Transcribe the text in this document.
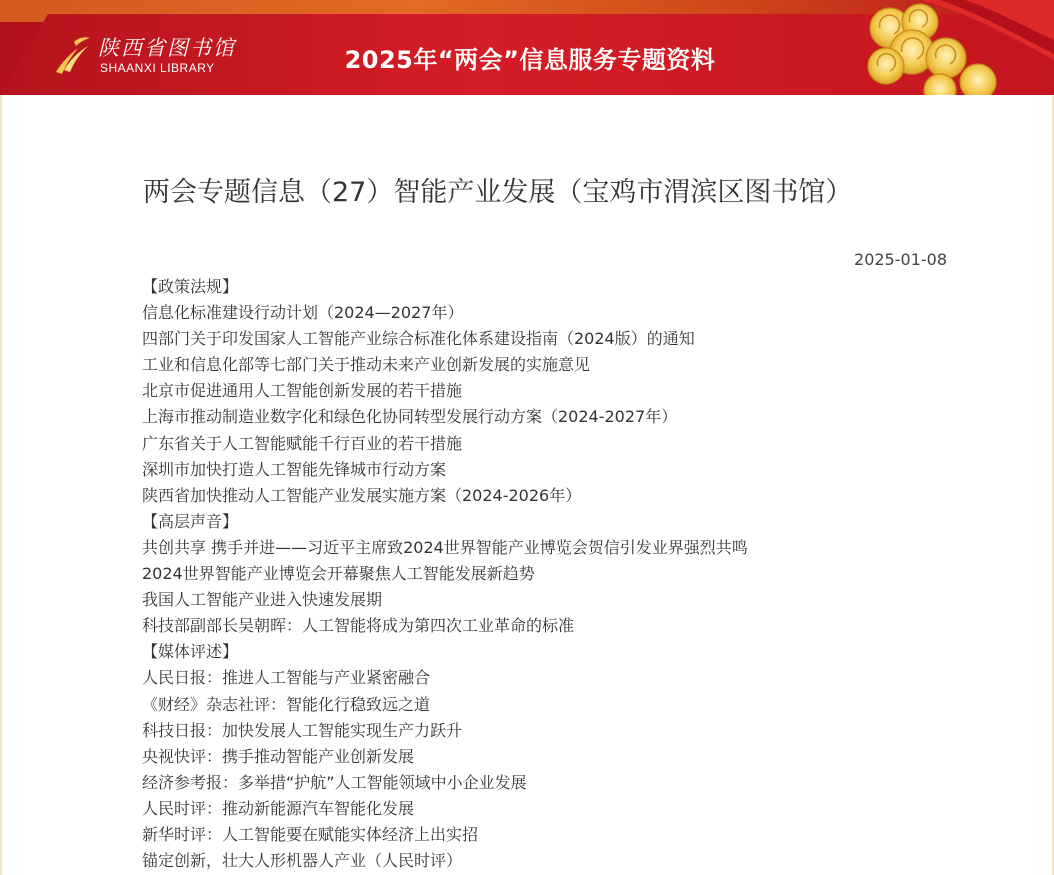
陕西省图书馆
SHAANXI LIBRARY	2025年“两会”信息服务专题资料
两会专题信息（27）智能产业发展（宝鸡市渭滨区图书馆）
2025-01-08
【政策法规】
信息化标准建设行动计划（2024—2027年）
四部门关于印发国家人工智能产业综合标准化体系建设指南（2024版）的通知
工业和信息化部等七部门关于推动未来产业创新发展的实施意见
北京市促进通用人工智能创新发展的若干措施
上海市推动制造业数字化和绿色化协同转型发展行动方案（2024-2027年）
广东省关于人工智能赋能千行百业的若干措施
深圳市加快打造人工智能先锋城市行动方案
陕西省加快推动人工智能产业发展实施方案（2024-2026年）
【高层声音】
共创共享 携手并进——习近平主席致2024世界智能产业博览会贺信引发业界强烈共鸣
2024世界智能产业博览会开幕聚焦人工智能发展新趋势
我国人工智能产业进入快速发展期
科技部副部长吴朝晖：人工智能将成为第四次工业革命的标准
【媒体评述】
人民日报：推进人工智能与产业紧密融合
《财经》杂志社评：智能化行稳致远之道
科技日报：加快发展人工智能实现生产力跃升
央视快评：携手推动智能产业创新发展
经济参考报：多举措“护航”人工智能领域中小企业发展
人民时评：推动新能源汽车智能化发展
新华时评：人工智能要在赋能实体经济上出实招
锚定创新，壮大人形机器人产业（人民时评）
